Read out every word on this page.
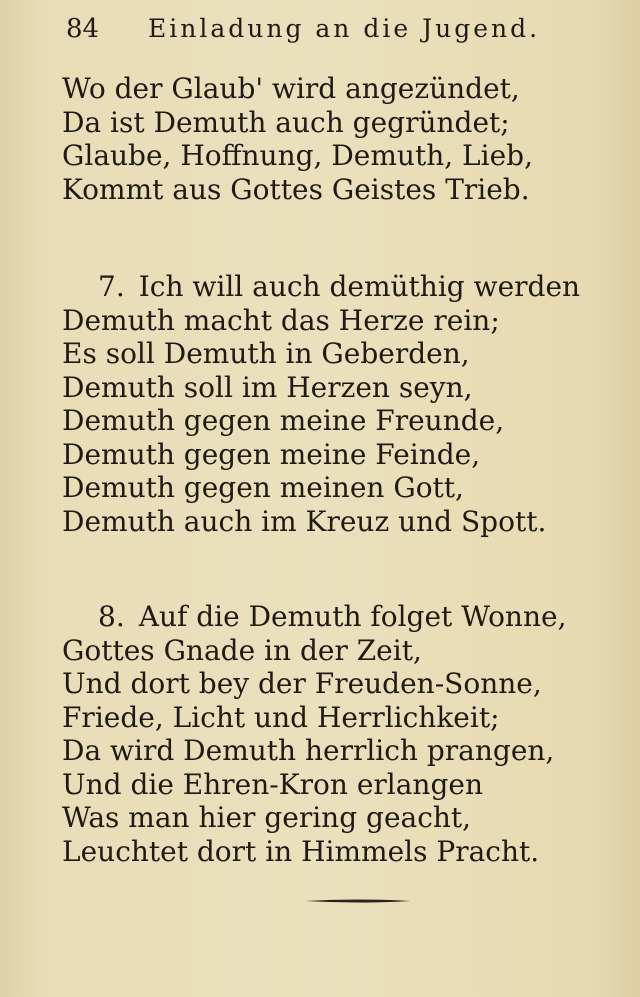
84 Einladung an die Jugend.
Wo der Glaub' wird angezündet,
Da ist Demuth auch gegründet;
Glaube, Hoffnung, Demuth, Lieb,
Kommt aus Gottes Geistes Trieb.
7. Ich will auch demüthig werden
Demuth macht das Herze rein;
Es soll Demuth in Geberden,
Demuth soll im Herzen seyn,
Demuth gegen meine Freunde,
Demuth gegen meine Feinde,
Demuth gegen meinen Gott,
Demuth auch im Kreuz und Spott.
8. Auf die Demuth folget Wonne,
Gottes Gnade in der Zeit,
Und dort bey der Freuden-Sonne,
Friede, Licht und Herrlichkeit;
Da wird Demuth herrlich prangen,
Und die Ehren-Kron erlangen
Was man hier gering geacht,
Leuchtet dort in Himmels Pracht.
